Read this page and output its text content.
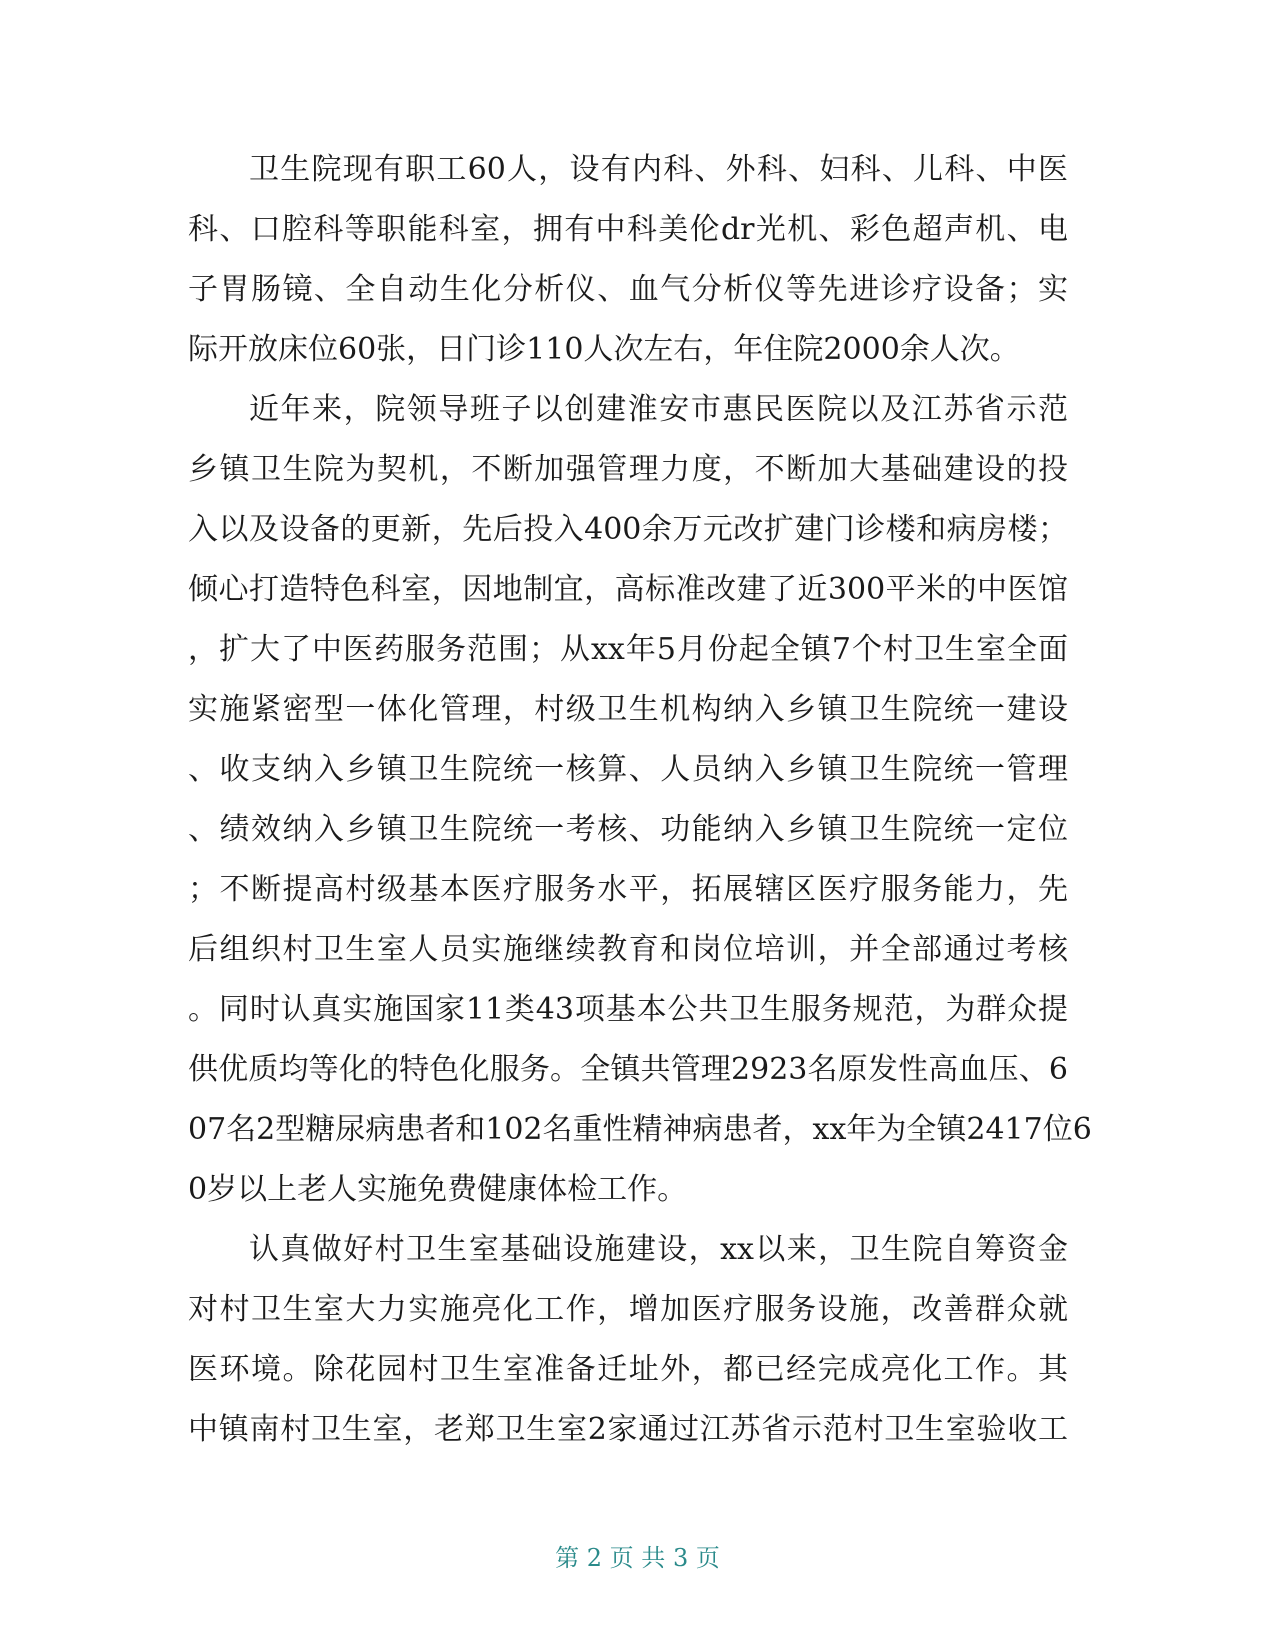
卫生院现有职工60人，设有内科、外科、妇科、儿科、中医
科、口腔科等职能科室，拥有中科美伦dr光机、彩色超声机、电
子胃肠镜、全自动生化分析仪、血气分析仪等先进诊疗设备；实
际开放床位60张，日门诊110人次左右，年住院2000余人次。
近年来，院领导班子以创建淮安市惠民医院以及江苏省示范
乡镇卫生院为契机，不断加强管理力度，不断加大基础建设的投
入以及设备的更新，先后投入400余万元改扩建门诊楼和病房楼；
倾心打造特色科室，因地制宜，高标准改建了近300平米的中医馆
，扩大了中医药服务范围；从xx年5月份起全镇7个村卫生室全面
实施紧密型一体化管理，村级卫生机构纳入乡镇卫生院统一建设
、收支纳入乡镇卫生院统一核算、人员纳入乡镇卫生院统一管理
、绩效纳入乡镇卫生院统一考核、功能纳入乡镇卫生院统一定位
；不断提高村级基本医疗服务水平，拓展辖区医疗服务能力，先
后组织村卫生室人员实施继续教育和岗位培训，并全部通过考核
。同时认真实施国家11类43项基本公共卫生服务规范，为群众提
供优质均等化的特色化服务。全镇共管理2923名原发性高血压、6
07名2型糖尿病患者和102名重性精神病患者，xx年为全镇2417位6
0岁以上老人实施免费健康体检工作。
认真做好村卫生室基础设施建设，xx以来，卫生院自筹资金
对村卫生室大力实施亮化工作，增加医疗服务设施，改善群众就
医环境。除花园村卫生室准备迁址外，都已经完成亮化工作。其
中镇南村卫生室，老郑卫生室2家通过江苏省示范村卫生室验收工
第 2 页 共 3 页
